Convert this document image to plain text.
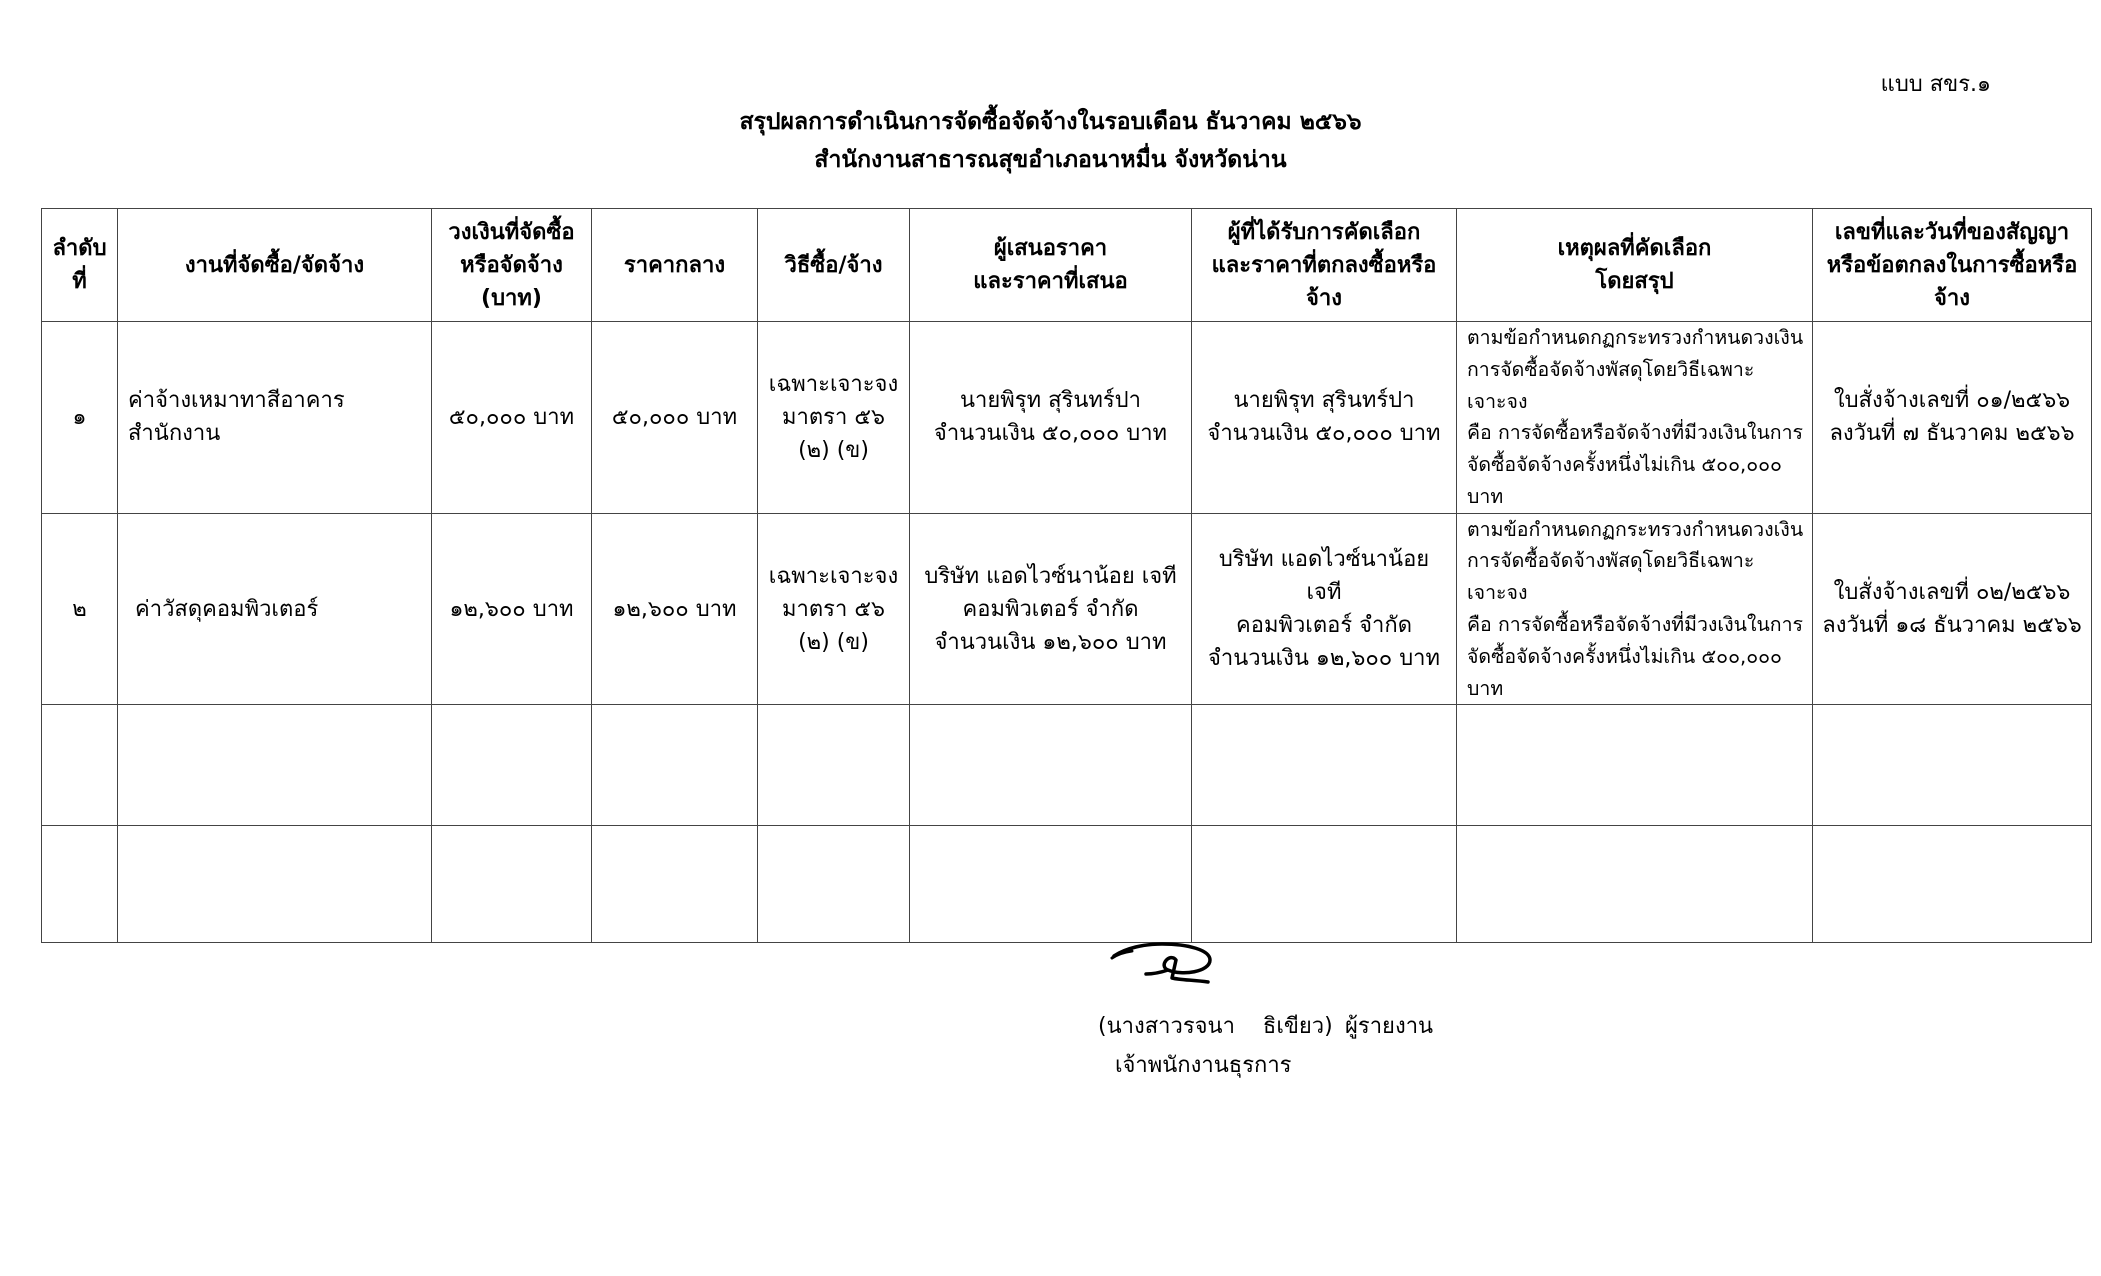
แบบ สขร.๑
สรุปผลการดำเนินการจัดซื้อจัดจ้างในรอบเดือน ธันวาคม ๒๕๖๖
สำนักงานสาธารณสุขอำเภอนาหมื่น จังหวัดน่าน
ลำดับ
ที่	งานที่จัดซื้อ/จัดจ้าง	วงเงินที่จัดซื้อ
หรือจัดจ้าง
(บาท)	ราคากลาง	วิธีซื้อ/จ้าง	ผู้เสนอราคา
และราคาที่เสนอ	ผู้ที่ได้รับการคัดเลือก
และราคาที่ตกลงซื้อหรือ
จ้าง	เหตุผลที่คัดเลือก
โดยสรุป	เลขที่และวันที่ของสัญญา
หรือข้อตกลงในการซื้อหรือ
จ้าง

๑	ค่าจ้างเหมาทาสีอาคารสำนักงาน	๕๐,๐๐๐ บาท	๕๐,๐๐๐ บาท	เฉพาะเจาะจง
มาตรา ๕๖
(๒) (ข)	นายพิรุท สุรินทร์ปา
จำนวนเงิน ๕๐,๐๐๐ บาท	นายพิรุท สุรินทร์ปา
จำนวนเงิน ๕๐,๐๐๐ บาท	ตามข้อกำหนดกฏกระทรวงกำหนดวงเงิน
การจัดซื้อจัดจ้างพัสดุโดยวิธีเฉพาะเจาะจง
คือ การจัดซื้อหรือจัดจ้างที่มีวงเงินในการ
จัดซื้อจัดจ้างครั้งหนึ่งไม่เกิน ๕๐๐,๐๐๐
บาท	ใบสั่งจ้างเลขที่ ๐๑/๒๕๖๖
ลงวันที่ ๗ ธันวาคม ๒๕๖๖

๒	ค่าวัสดุคอมพิวเตอร์	๑๒,๖๐๐ บาท	๑๒,๖๐๐ บาท	เฉพาะเจาะจง
มาตรา ๕๖
(๒) (ข)	บริษัท แอดไวซ์นาน้อย เจที
คอมพิวเตอร์ จำกัด
จำนวนเงิน ๑๒,๖๐๐ บาท	บริษัท แอดไวซ์นาน้อย เจที
คอมพิวเตอร์ จำกัด
จำนวนเงิน ๑๒,๖๐๐ บาท	ตามข้อกำหนดกฏกระทรวงกำหนดวงเงิน
การจัดซื้อจัดจ้างพัสดุโดยวิธีเฉพาะเจาะจง
คือ การจัดซื้อหรือจัดจ้างที่มีวงเงินในการ
จัดซื้อจัดจ้างครั้งหนึ่งไม่เกิน ๕๐๐,๐๐๐
บาท	ใบสั่งจ้างเลขที่ ๐๒/๒๕๖๖
ลงวันที่ ๑๘ ธันวาคม ๒๕๖๖

(นางสาวรจนา    ธิเขียว) ผู้รายงาน
เจ้าพนักงานธุรการ
